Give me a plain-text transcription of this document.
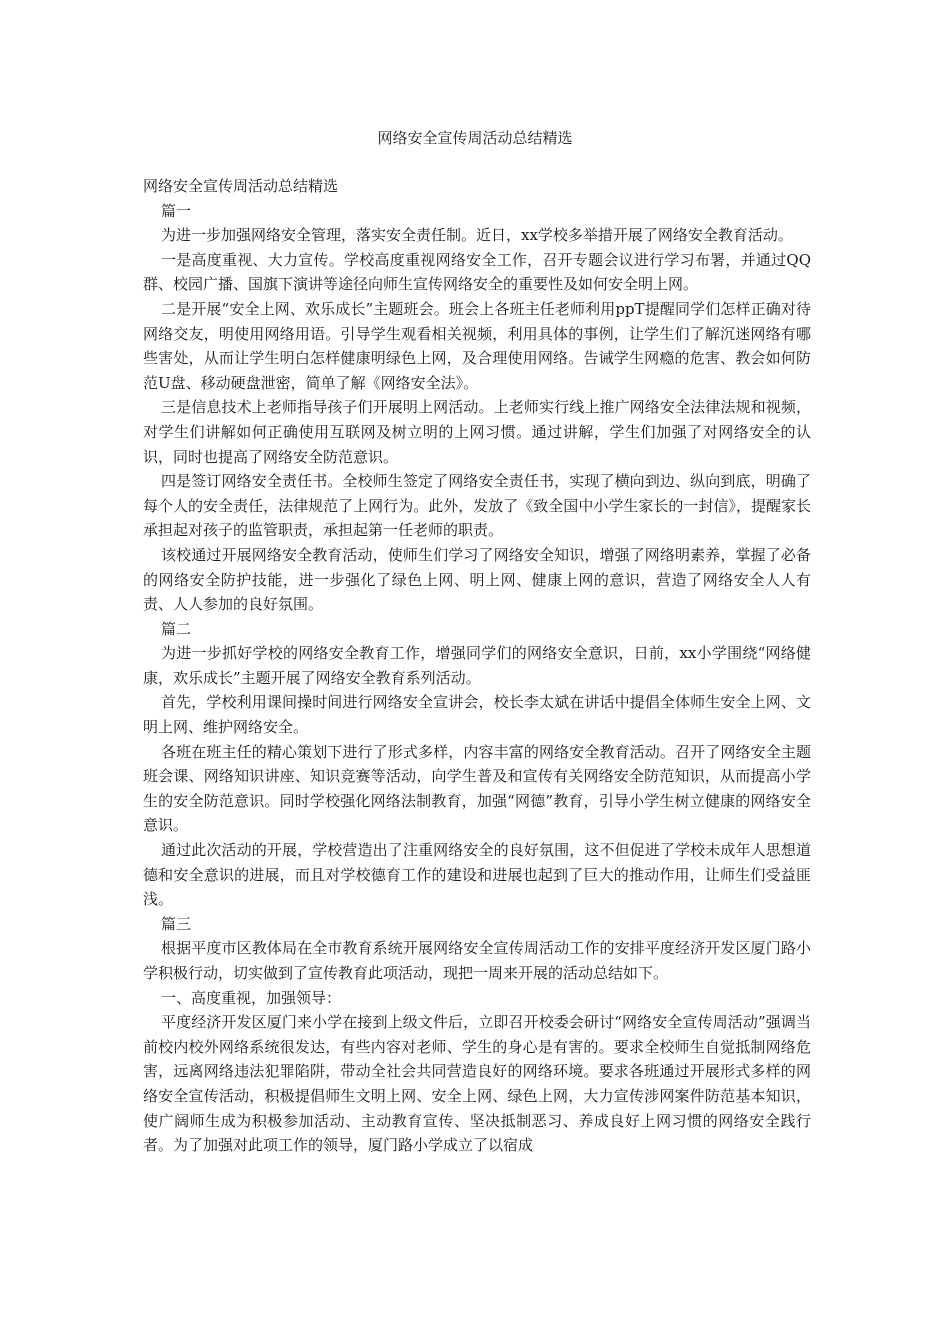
网络安全宣传周活动总结精选

网络安全宣传周活动总结精选

篇一

为进一步加强网络安全管理，落实安全责任制。近日，xx学校多举措开展了网络安全教育活动。

一是高度重视、大力宣传。学校高度重视网络安全工作，召开专题会议进行学习布署，并通过QQ群、校园广播、国旗下演讲等途径向师生宣传网络安全的重要性及如何安全明上网。

二是开展“安全上网、欢乐成长”主题班会。班会上各班主任老师利用ppT提醒同学们怎样正确对待网络交友，明使用网络用语。引导学生观看相关视频，利用具体的事例，让学生们了解沉迷网络有哪些害处，从而让学生明白怎样健康明绿色上网，及合理使用网络。告诫学生网瘾的危害、教会如何防范U盘、移动硬盘泄密，简单了解《网络安全法》。

三是信息技术上老师指导孩子们开展明上网活动。上老师实行线上推广网络安全法律法规和视频，对学生们讲解如何正确使用互联网及树立明的上网习惯。通过讲解，学生们加强了对网络安全的认识，同时也提高了网络安全防范意识。

四是签订网络安全责任书。全校师生签定了网络安全责任书，实现了横向到边、纵向到底，明确了每个人的安全责任，法律规范了上网行为。此外，发放了《致全国中小学生家长的一封信》，提醒家长承担起对孩子的监管职责，承担起第一任老师的职责。

该校通过开展网络安全教育活动，使师生们学习了网络安全知识，增强了网络明素养，掌握了必备的网络安全防护技能，进一步强化了绿色上网、明上网、健康上网的意识，营造了网络安全人人有责、人人参加的良好氛围。

篇二

为进一步抓好学校的网络安全教育工作，增强同学们的网络安全意识，日前，xx小学围绕“网络健康，欢乐成长”主题开展了网络安全教育系列活动。

首先，学校利用课间操时间进行网络安全宣讲会，校长李太斌在讲话中提倡全体师生安全上网、文明上网、维护网络安全。

各班在班主任的精心策划下进行了形式多样，内容丰富的网络安全教育活动。召开了网络安全主题班会课、网络知识讲座、知识竞赛等活动，向学生普及和宣传有关网络安全防范知识，从而提高小学生的安全防范意识。同时学校强化网络法制教育，加强“网德”教育，引导小学生树立健康的网络安全意识。

通过此次活动的开展，学校营造出了注重网络安全的良好氛围，这不但促进了学校未成年人思想道德和安全意识的进展，而且对学校德育工作的建设和进展也起到了巨大的推动作用，让师生们受益匪浅。

篇三

根据平度市区教体局在全市教育系统开展网络安全宣传周活动工作的安排平度经济开发区厦门路小学积极行动，切实做到了宣传教育此项活动，现把一周来开展的活动总结如下。

一、高度重视，加强领导：

平度经济开发区厦门来小学在接到上级文件后，立即召开校委会研讨“网络安全宣传周活动”强调当前校内校外网络系统很发达，有些内容对老师、学生的身心是有害的。要求全校师生自觉抵制网络危害，远离网络违法犯罪陷阱，带动全社会共同营造良好的网络环境。要求各班通过开展形式多样的网络安全宣传活动，积极提倡师生文明上网、安全上网、绿色上网，大力宣传涉网案件防范基本知识，使广阔师生成为积极参加活动、主动教育宣传、坚决抵制恶习、养成良好上网习惯的网络安全践行者。为了加强对此项工作的领导，厦门路小学成立了以宿成
